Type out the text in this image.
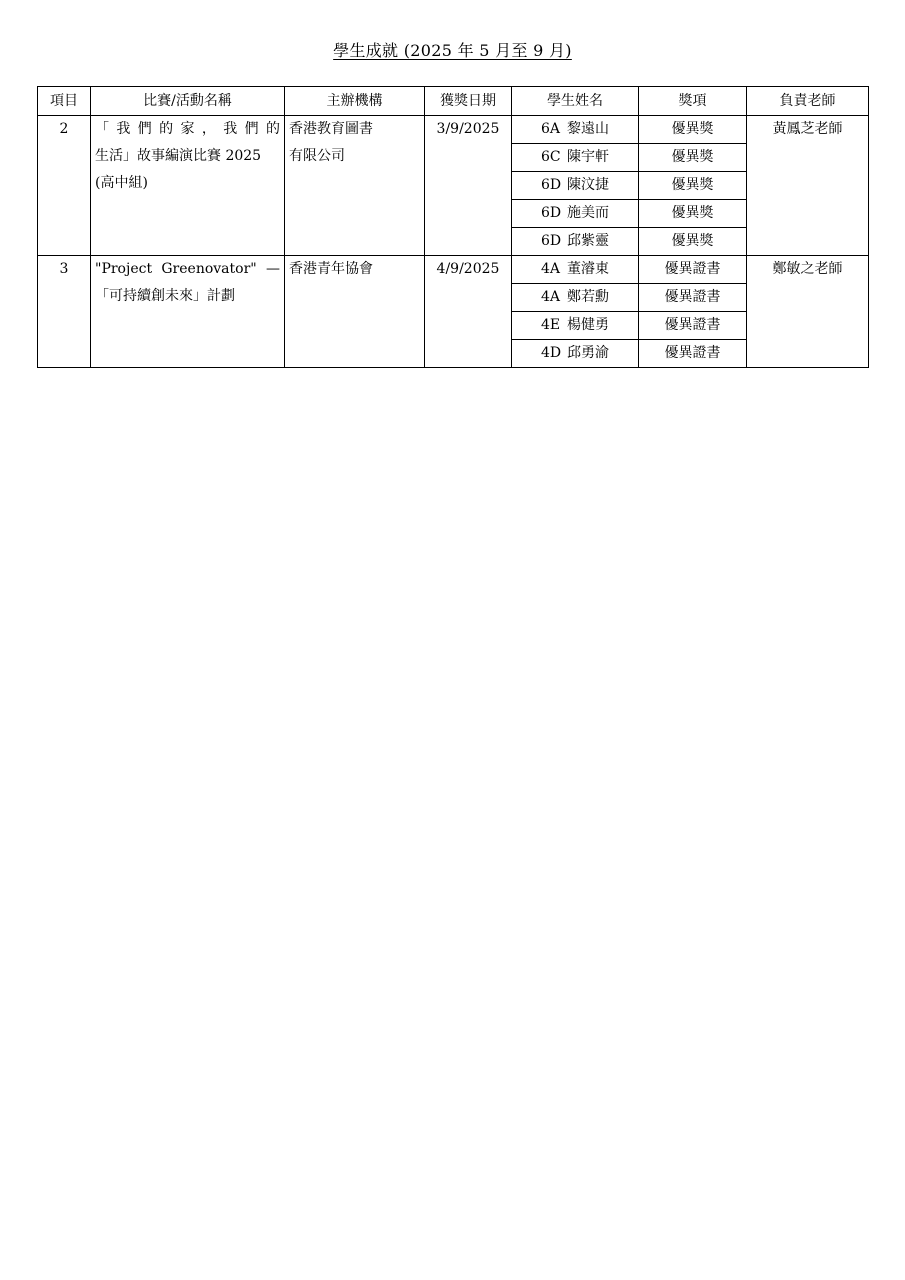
學生成就 (2025 年 5 月至 9 月)
項目	比賽/活動名稱	主辦機構	獲獎日期	學生姓名	獎項	負責老師
2	「我們的家，我們的
生活」故事編演比賽 2025
(高中組)	香港教育圖書
有限公司	3/9/2025	6A 黎遠山	優異獎	黃鳳芝老師
				6C 陳宇軒	優異獎	
				6D 陳汶捷	優異獎	
				6D 施美而	優異獎	
				6D 邱紫靈	優異獎	
3	"Project Greenovator" —
「可持續創未來」計劃	香港青年協會	4/9/2025	4A 董濬東	優異證書	鄭敏之老師
				4A 鄭若勳	優異證書	
				4E 楊健勇	優異證書	
				4D 邱勇渝	優異證書	
